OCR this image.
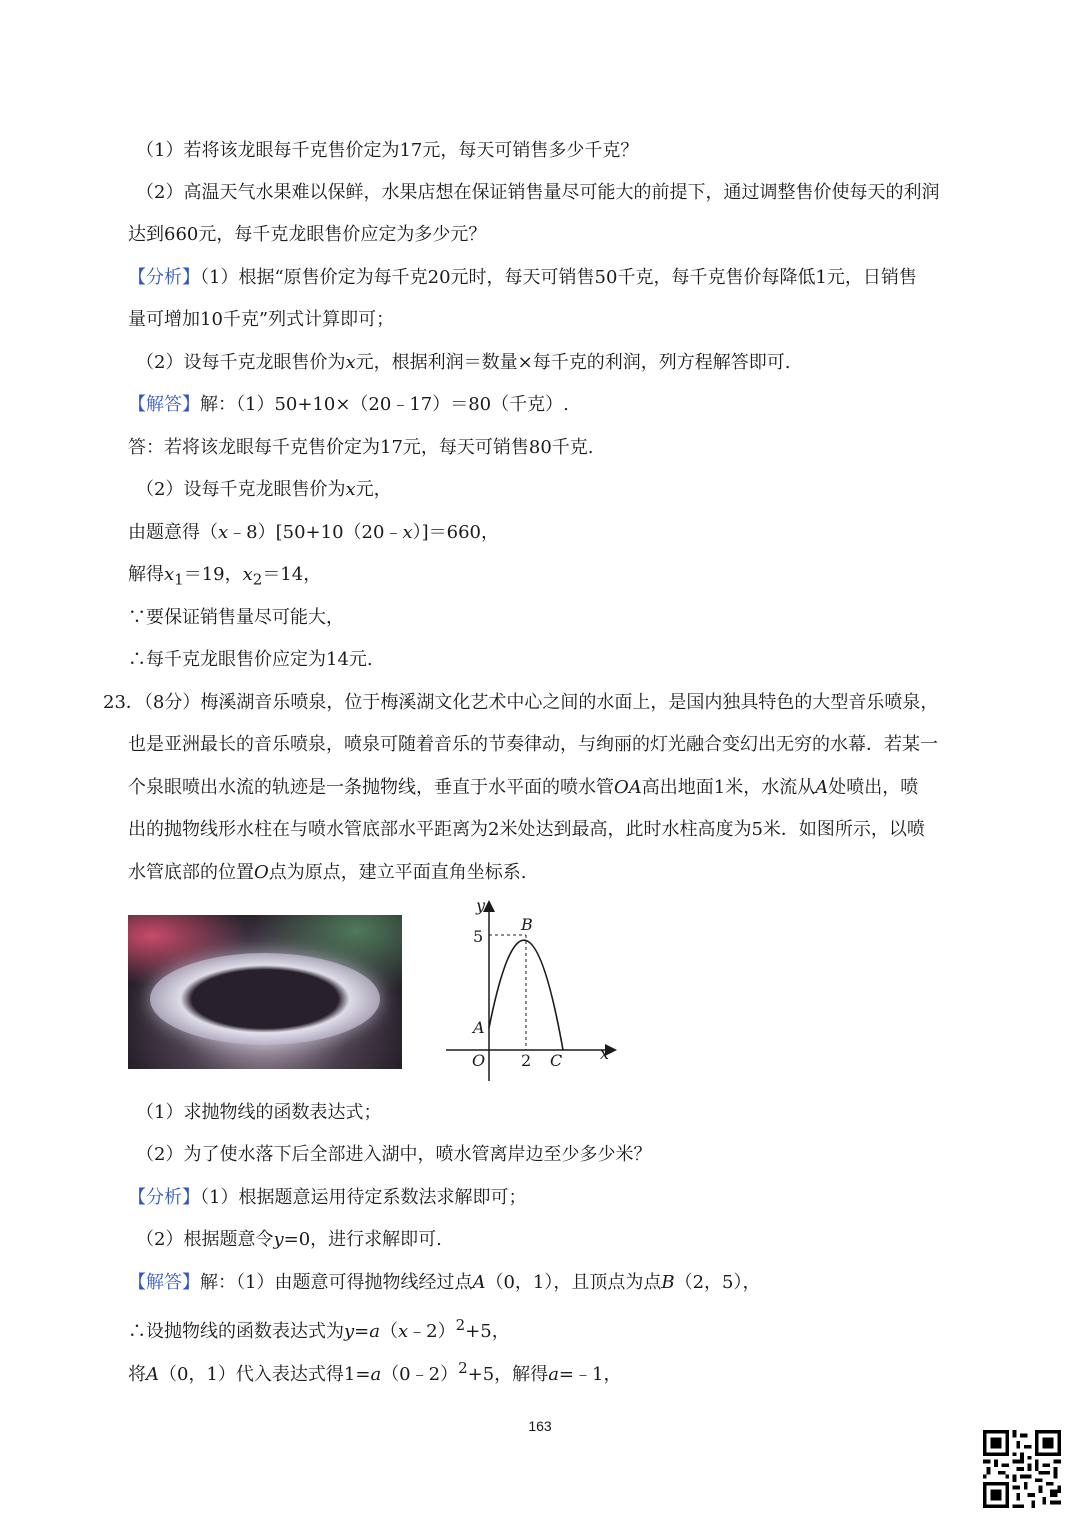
（1）若将该龙眼每千克售价定为17元，每天可销售多少千克？
（2）高温天气水果难以保鲜，水果店想在保证销售量尽可能大的前提下，通过调整售价使每天的利润
达到660元，每千克龙眼售价应定为多少元？
【分析】（1）根据“原售价定为每千克20元时，每天可销售50千克，每千克售价每降低1元，日销售
量可增加10千克”列式计算即可；
（2）设每千克龙眼售价为x元，根据利润＝数量×每千克的利润，列方程解答即可.
【解答】解：（1）50+10×（20﹣17）＝80（千克）.
答：若将该龙眼每千克售价定为17元，每天可销售80千克.
（2）设每千克龙眼售价为x元，
由题意得（x﹣8）[50+10（20﹣x）]＝660，
解得$x_1=19$，$x_2=14$，
∵要保证销售量尽可能大，
∴每千克龙眼售价应定为14元.
23．（8分）梅溪湖音乐喷泉，位于梅溪湖文化艺术中心之间的水面上，是国内独具特色的大型音乐喷泉，
也是亚洲最长的音乐喷泉，喷泉可随着音乐的节奏律动，与绚丽的灯光融合变幻出无穷的水幕．若某一
个泉眼喷出水流的轨迹是一条抛物线，垂直于水平面的喷水管OA高出地面1米，水流从A处喷出，喷
出的抛物线形水柱在与喷水管底部水平距离为2米处达到最高，此时水柱高度为5米．如图所示，以喷
水管底部的位置O点为原点，建立平面直角坐标系.
y
x
5
2
O
A
B
C
（1）求抛物线的函数表达式；
（2）为了使水落下后全部进入湖中，喷水管离岸边至少多少米？
【分析】（1）根据题意运用待定系数法求解即可；
（2）根据题意令y=0，进行求解即可.
【解答】解：（1）由题意可得抛物线经过点A（0，1），且顶点为点B（2，5），
∴设抛物线的函数表达式为y=a（x﹣2）$^2$+5，
将A（0，1）代入表达式得1=a（0﹣2）$^2$+5，解得a=﹣1，
163
